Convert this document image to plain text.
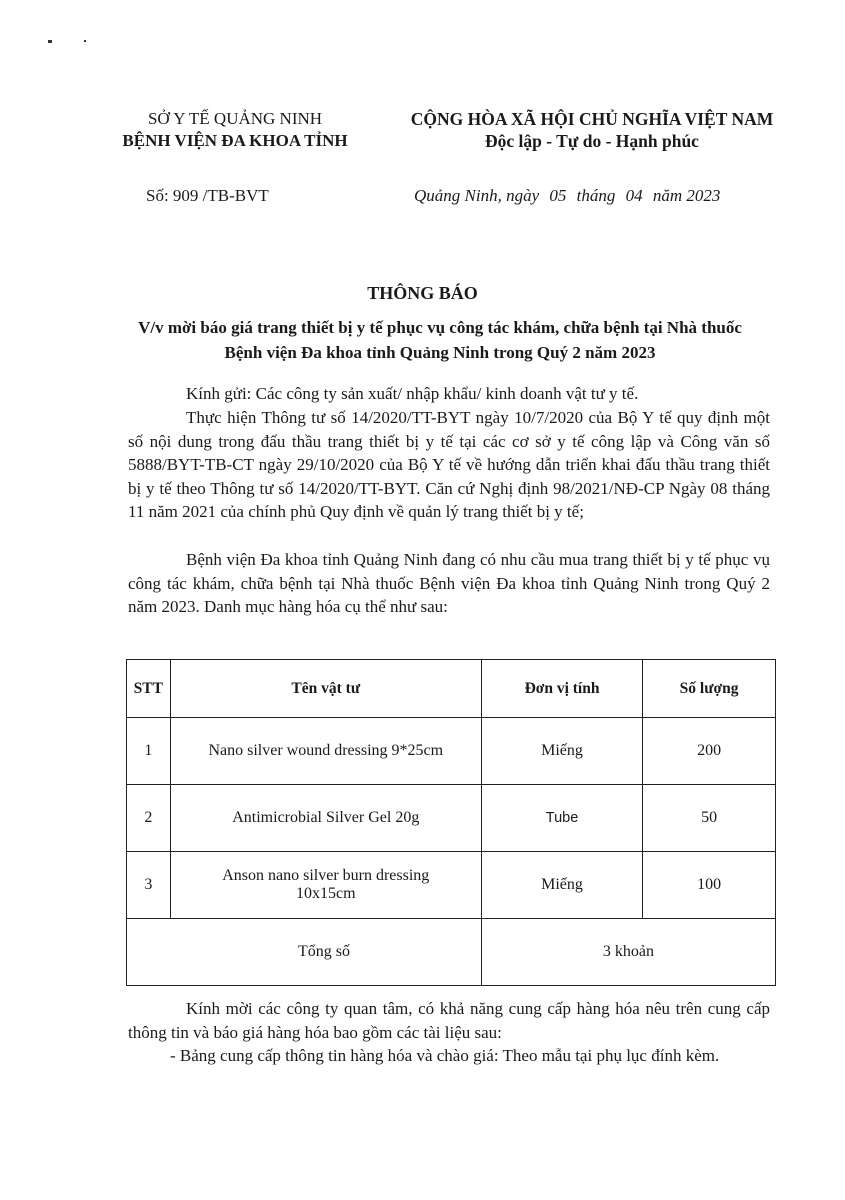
SỞ Y TẾ QUẢNG NINH
BỆNH VIỆN ĐA KHOA TỈNH
CỘNG HÒA XÃ HỘI CHỦ NGHĨA VIỆT NAM
Độc lập - Tự do - Hạnh phúc
Số: 909 /TB-BVT	Quảng Ninh, ngày 05 tháng 04 năm 2023
THÔNG BÁO
V/v mời báo giá trang thiết bị y tế phục vụ công tác khám, chữa bệnh tại Nhà thuốc Bệnh viện Đa khoa tỉnh Quảng Ninh trong Quý 2 năm 2023
Kính gửi: Các công ty sản xuất/ nhập khẩu/ kinh doanh vật tư y tế.
Thực hiện Thông tư số 14/2020/TT-BYT ngày 10/7/2020 của Bộ Y tế quy định một số nội dung trong đấu thầu trang thiết bị y tế tại các cơ sở y tế công lập và Công văn số 5888/BYT-TB-CT ngày 29/10/2020 của Bộ Y tế về hướng dẫn triển khai đấu thầu trang thiết bị y tế theo Thông tư số 14/2020/TT-BYT. Căn cứ Nghị định 98/2021/NĐ-CP Ngày 08 tháng 11 năm 2021 của chính phủ Quy định về quản lý trang thiết bị y tế;
Bệnh viện Đa khoa tỉnh Quảng Ninh đang có nhu cầu mua trang thiết bị y tế phục vụ công tác khám, chữa bệnh tại Nhà thuốc Bệnh viện Đa khoa tỉnh Quảng Ninh trong Quý 2 năm 2023. Danh mục hàng hóa cụ thể như sau:
STT	Tên vật tư	Đơn vị tính	Số lượng
1	Nano silver wound dressing 9*25cm	Miếng	200
2	Antimicrobial Silver Gel 20g	Tube	50
3	Anson nano silver burn dressing 10x15cm	Miếng	100
Tổng số		3 khoản	
Kính mời các công ty quan tâm, có khả năng cung cấp hàng hóa nêu trên cung cấp thông tin và báo giá hàng hóa bao gồm các tài liệu sau:
- Bảng cung cấp thông tin hàng hóa và chào giá: Theo mẫu tại phụ lục đính kèm.
